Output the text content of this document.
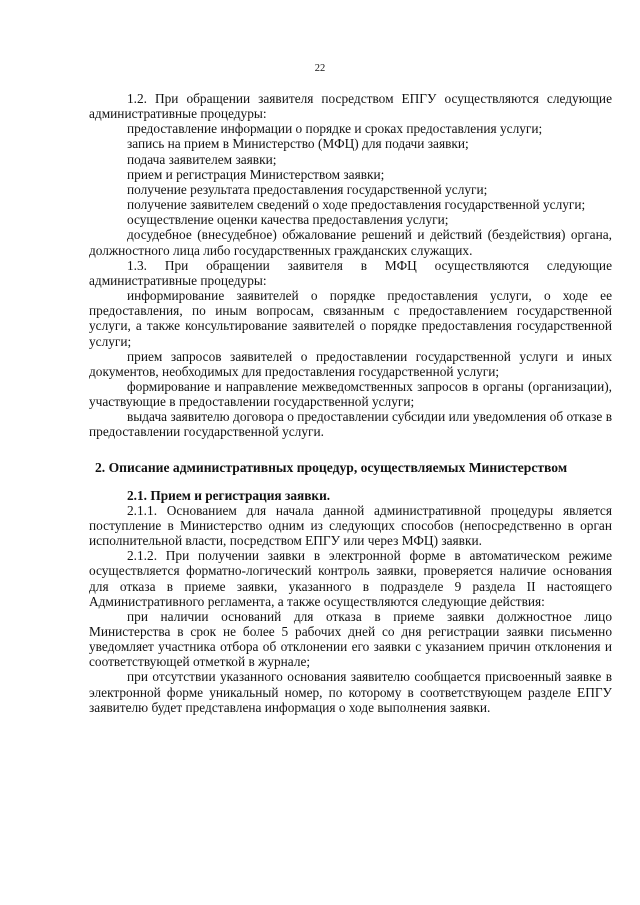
22

1.2. При обращении заявителя посредством ЕПГУ осуществляются следующие административные процедуры:

предоставление информации о порядке и сроках предоставления услуги;

запись на прием в Министерство (МФЦ) для подачи заявки;

подача заявителем заявки;

прием и регистрация Министерством заявки;

получение результата предоставления государственной услуги;

получение заявителем сведений о ходе предоставления государственной услуги;

осуществление оценки качества предоставления услуги;

досудебное (внесудебное) обжалование решений и действий (бездействия) органа, должностного лица либо государственных гражданских служащих.

1.3. При обращении заявителя в МФЦ осуществляются следующие административные процедуры:

информирование заявителей о порядке предоставления услуги, о ходе ее предоставления, по иным вопросам, связанным с предоставлением государственной услуги, а также консультирование заявителей о порядке предоставления государственной услуги;

прием запросов заявителей о предоставлении государственной услуги и иных документов, необходимых для предоставления государственной услуги;

формирование и направление межведомственных запросов в органы (организации), участвующие в предоставлении государственной услуги;

выдача заявителю договора о предоставлении субсидии или уведомления об отказе в предоставлении государственной услуги.

2. Описание административных процедур, осуществляемых Министерством

2.1. Прием и регистрация заявки.

2.1.1. Основанием для начала данной административной процедуры является поступление в Министерство одним из следующих способов (непосредственно в орган исполнительной власти, посредством ЕПГУ или через МФЦ) заявки.

2.1.2. При получении заявки в электронной форме в автоматическом режиме осуществляется форматно-логический контроль заявки, проверяется наличие основания для отказа в приеме заявки, указанного в подразделе 9 раздела II настоящего Административного регламента, а также осуществляются следующие действия:

при наличии оснований для отказа в приеме заявки должностное лицо Министерства в срок не более 5 рабочих дней со дня регистрации заявки письменно уведомляет участника отбора об отклонении его заявки с указанием причин отклонения и соответствующей отметкой в журнале;

при отсутствии указанного основания заявителю сообщается присвоенный заявке в электронной форме уникальный номер, по которому в соответствующем разделе ЕПГУ заявителю будет представлена информация о ходе выполнения заявки.
